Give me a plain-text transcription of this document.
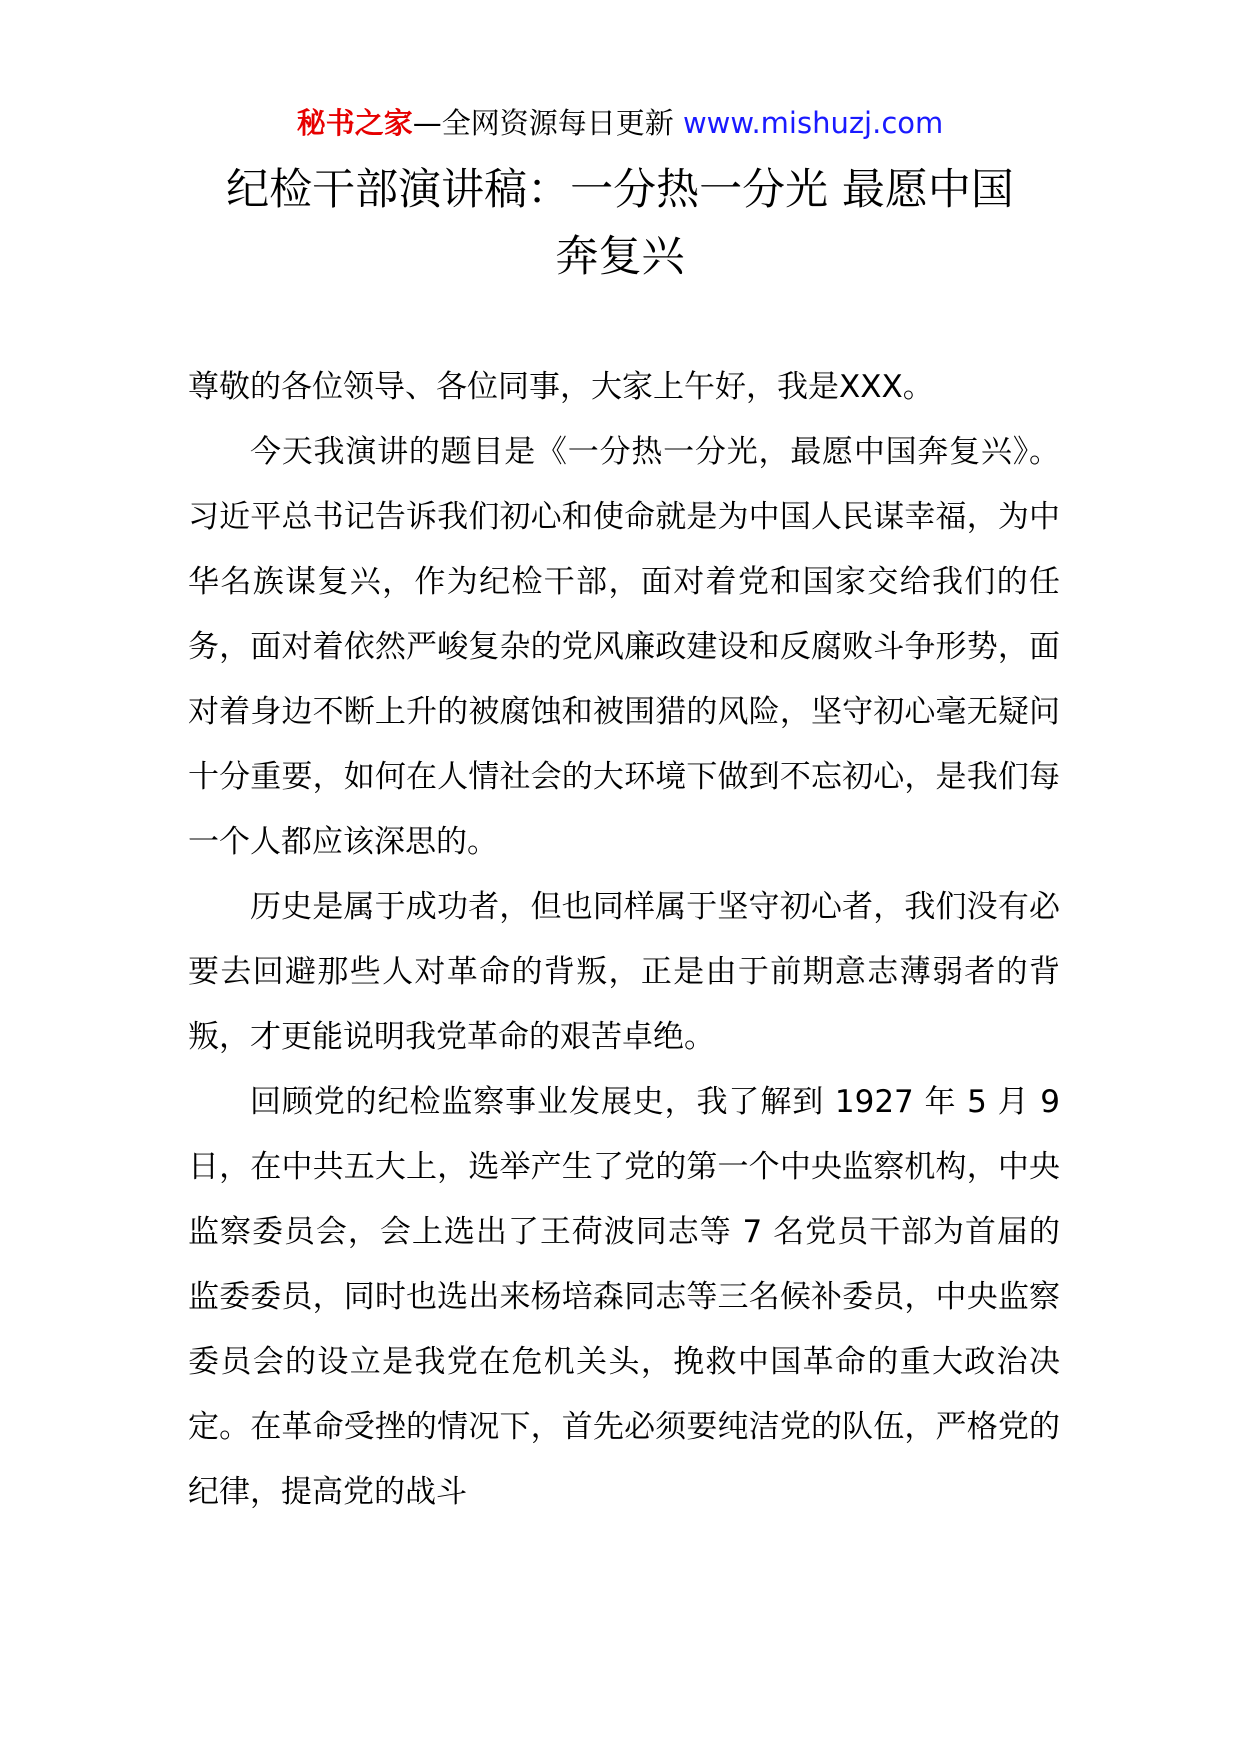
秘书之家—全网资源每日更新 www.mishuzj.com
纪检干部演讲稿：一分热一分光 最愿中国
奔复兴

尊敬的各位领导、各位同事，大家上午好，我是XXX。

今天我演讲的题目是《一分热一分光，最愿中国奔复兴》。习近平总书记告诉我们初心和使命就是为中国人民谋幸福，为中华名族谋复兴，作为纪检干部，面对着党和国家交给我们的任务，面对着依然严峻复杂的党风廉政建设和反腐败斗争形势，面对着身边不断上升的被腐蚀和被围猎的风险，坚守初心毫无疑问十分重要，如何在人情社会的大环境下做到不忘初心，是我们每一个人都应该深思的。

历史是属于成功者，但也同样属于坚守初心者，我们没有必要去回避那些人对革命的背叛，正是由于前期意志薄弱者的背叛，才更能说明我党革命的艰苦卓绝。

回顾党的纪检监察事业发展史，我了解到 1927 年 5 月 9 日，在中共五大上，选举产生了党的第一个中央监察机构，中央监察委员会，会上选出了王荷波同志等 7 名党员干部为首届的监委委员，同时也选出来杨培森同志等三名候补委员，中央监察委员会的设立是我党在危机关头，挽救中国革命的重大政治决定。在革命受挫的情况下，首先必须要纯洁党的队伍，严格党的纪律，提高党的战斗
